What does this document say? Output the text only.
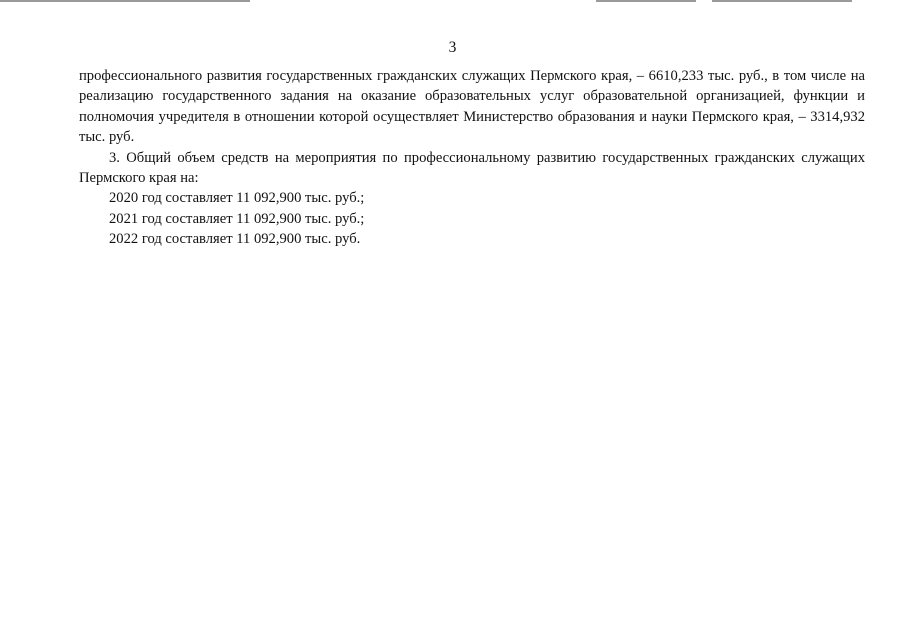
3

профессионального развития государственных гражданских служащих Пермского края, – 6610,233 тыс. руб., в том числе на реализацию государственного задания на оказание образовательных услуг образовательной организацией, функции и полномочия учредителя в отношении которой осуществляет Министерство образования и науки Пермского края, – 3314,932 тыс. руб.

3. Общий объем средств на мероприятия по профессиональному развитию государственных гражданских служащих Пермского края на:

2020 год составляет 11 092,900 тыс. руб.;

2021 год составляет 11 092,900 тыс. руб.;

2022 год составляет 11 092,900 тыс. руб.
